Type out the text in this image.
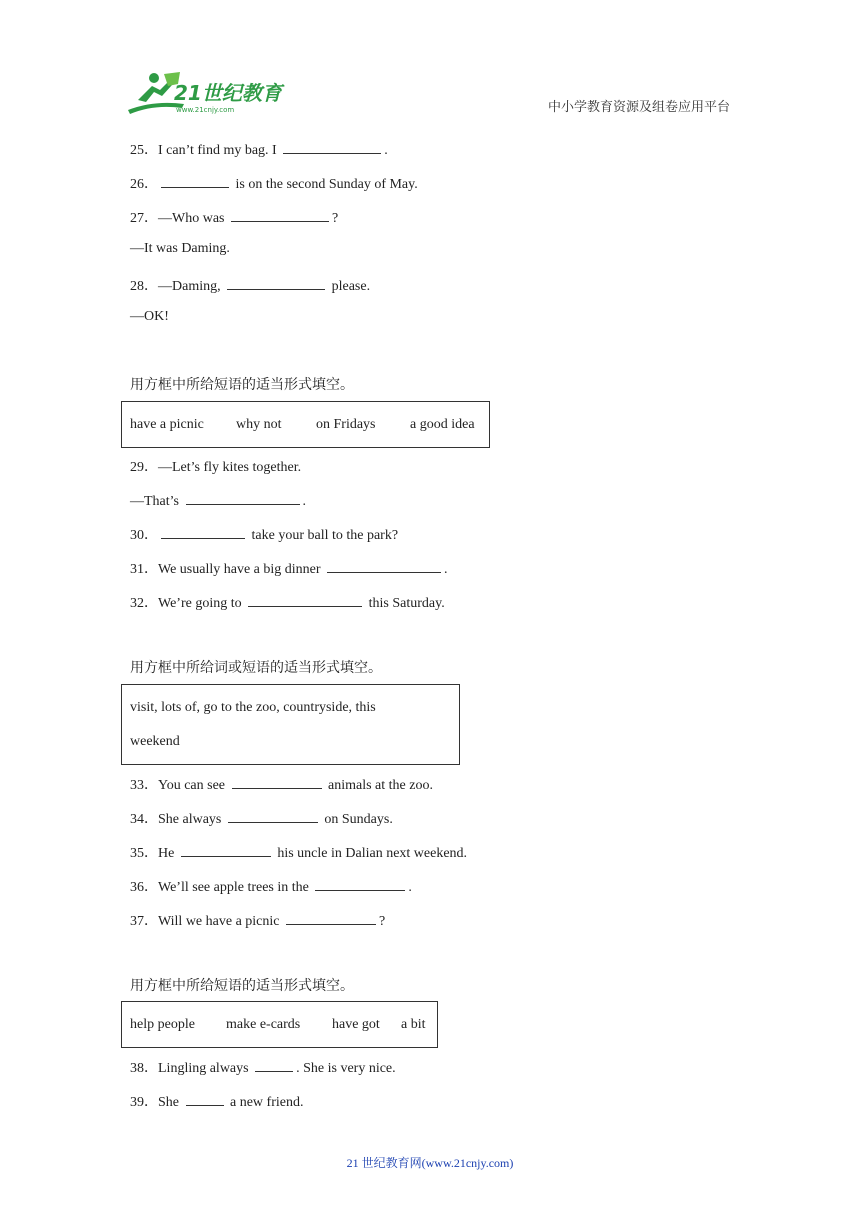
21世纪教育
www.21cnjy.com	中小学教育资源及组卷应用平台
25．I can’t find my bag. I	.
26．	is on the second Sunday of May.
27．—Who was	?
—It was Daming.
28．—Daming,	please.
—OK!
用方框中所给短语的适当形式填空。
have a picnic why not on Fridays a good idea
29．—Let’s fly kites together.
—That’s	.
30．	take your ball to the park?
31．We usually have a big dinner	.
32．We’re going to	this Saturday.
用方框中所给词或短语的适当形式填空。
visit, lots of, go to the zoo, countryside, this
weekend
33．You can see	animals at the zoo.
34．She always	on Sundays.
35．He	his uncle in Dalian next weekend.
36．We’ll see apple trees in the	.
37．Will we have a picnic	?
用方框中所给短语的适当形式填空。
help people make e-cards have got a bit
38．Lingling always	. She is very nice.
39．She	a new friend.
21 世纪教育网(www.21cnjy.com)
